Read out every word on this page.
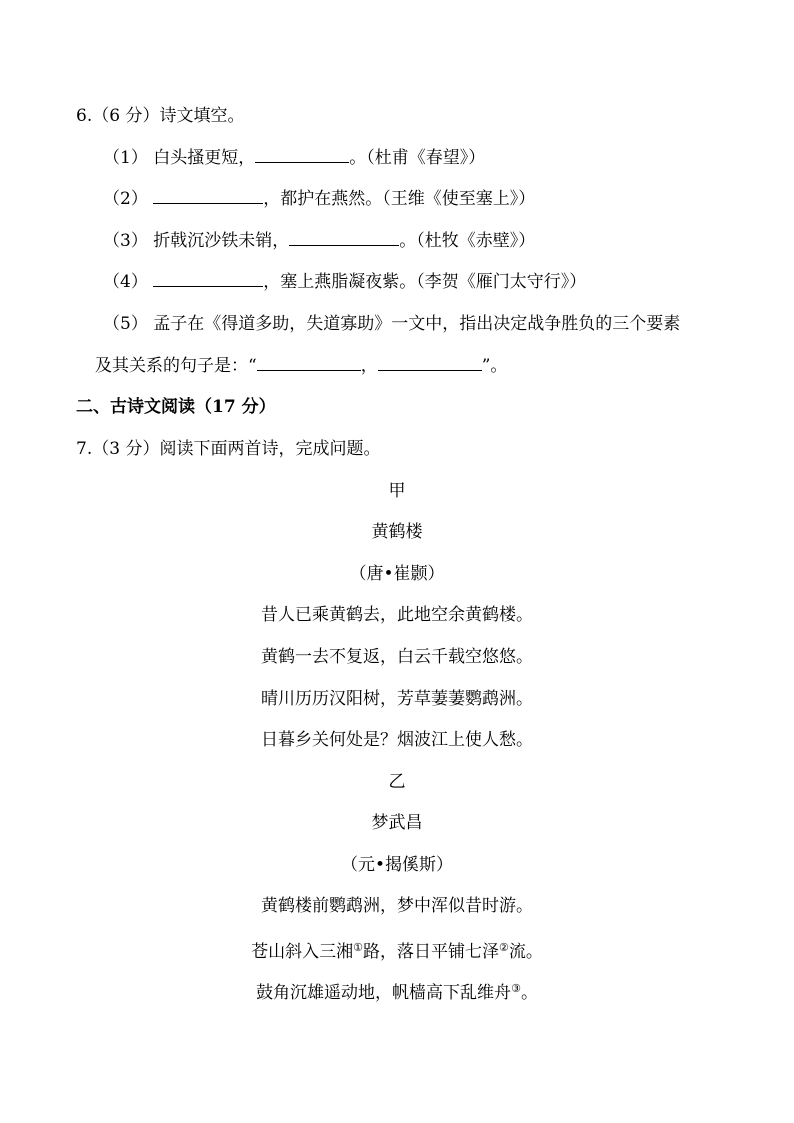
6.（6 分）诗文填空。
（1） 白头搔更短，	。（杜甫《春望》）
（2）	，都护在燕然。（王维《使至塞上》）
（3） 折戟沉沙铁未销，	。（杜牧《赤壁》）
（4）	，塞上燕脂凝夜紫。（李贺《雁门太守行》）
（5） 孟子在《得道多助，失道寡助》一文中，指出决定战争胜负的三个要素
及其关系的句子是：“	，	”。
二、古诗文阅读（17 分）
7.（3 分）阅读下面两首诗，完成问题。
甲
黄鹤楼
（唐•崔颢）
昔人已乘黄鹤去，此地空余黄鹤楼。
黄鹤一去不复返，白云千载空悠悠。
晴川历历汉阳树，芳草萋萋鹦鹉洲。
日暮乡关何处是？烟波江上使人愁。
乙
梦武昌
（元•揭傒斯）
黄鹤楼前鹦鹉洲，梦中浑似昔时游。
苍山斜入三湘①路，落日平铺七泽②流。
鼓角沉雄遥动地，帆樯高下乱维舟③。
